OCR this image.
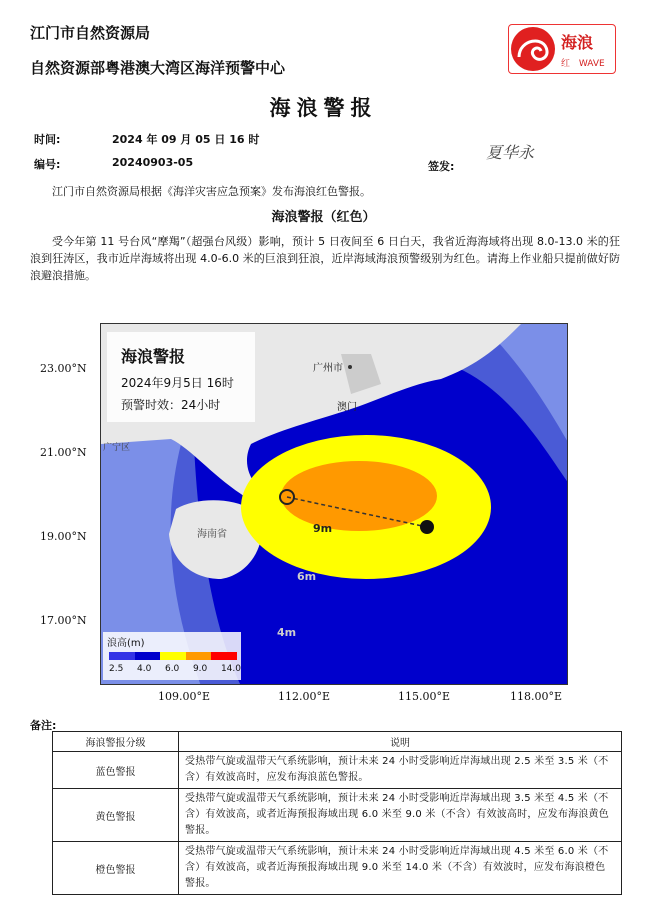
江门市自然资源局
自然资源部粤港澳大湾区海洋预警中心
海浪
红 WAVE
海浪警报
时间:	2024 年 09 月 05 日 16 时
编号:	20240903-05	签发:
夏华永
江门市自然资源局根据《海洋灾害应急预案》发布海浪红色警报。
海浪警报（红色）
受今年第 11 号台风“摩羯”（超强台风级）影响，预计 5 日夜间至 6 日白天，我省近海海域将出现 8.0-13.0 米的狂浪到狂涛区，我市近岸海域将出现 4.0-6.0 米的巨浪到狂浪，近岸海域海浪预警级别为红色。请海上作业船只提前做好防浪避浪措施。
广州市
澳门
广宁区
海南省	9m
6m
4m
海浪警报
2024年9月5日 16时
预警时效：24小时
浪高(m)
2.5 4.0 6.0 9.0 14.0
23.00°N
21.00°N
19.00°N
17.00°N
109.00°E	112.00°E	115.00°E	118.00°E
备注:
海浪警报分级	说明
蓝色警报	受热带气旋或温带天气系统影响，预计未来 24 小时受影响近岸海域出现 2.5 米至 3.5 米（不含）有效波高时，应发布海浪蓝色警报。
黄色警报	受热带气旋或温带天气系统影响，预计未来 24 小时受影响近岸海域出现 3.5 米至 4.5 米（不含）有效波高，或者近海预报海域出现 6.0 米至 9.0 米（不含）有效波高时，应发布海浪黄色警报。
橙色警报	受热带气旋或温带天气系统影响，预计未来 24 小时受影响近岸海域出现 4.5 米至 6.0 米（不含）有效波高，或者近海预报海域出现 9.0 米至 14.0 米（不含）有效波时，应发布海浪橙色警报。
